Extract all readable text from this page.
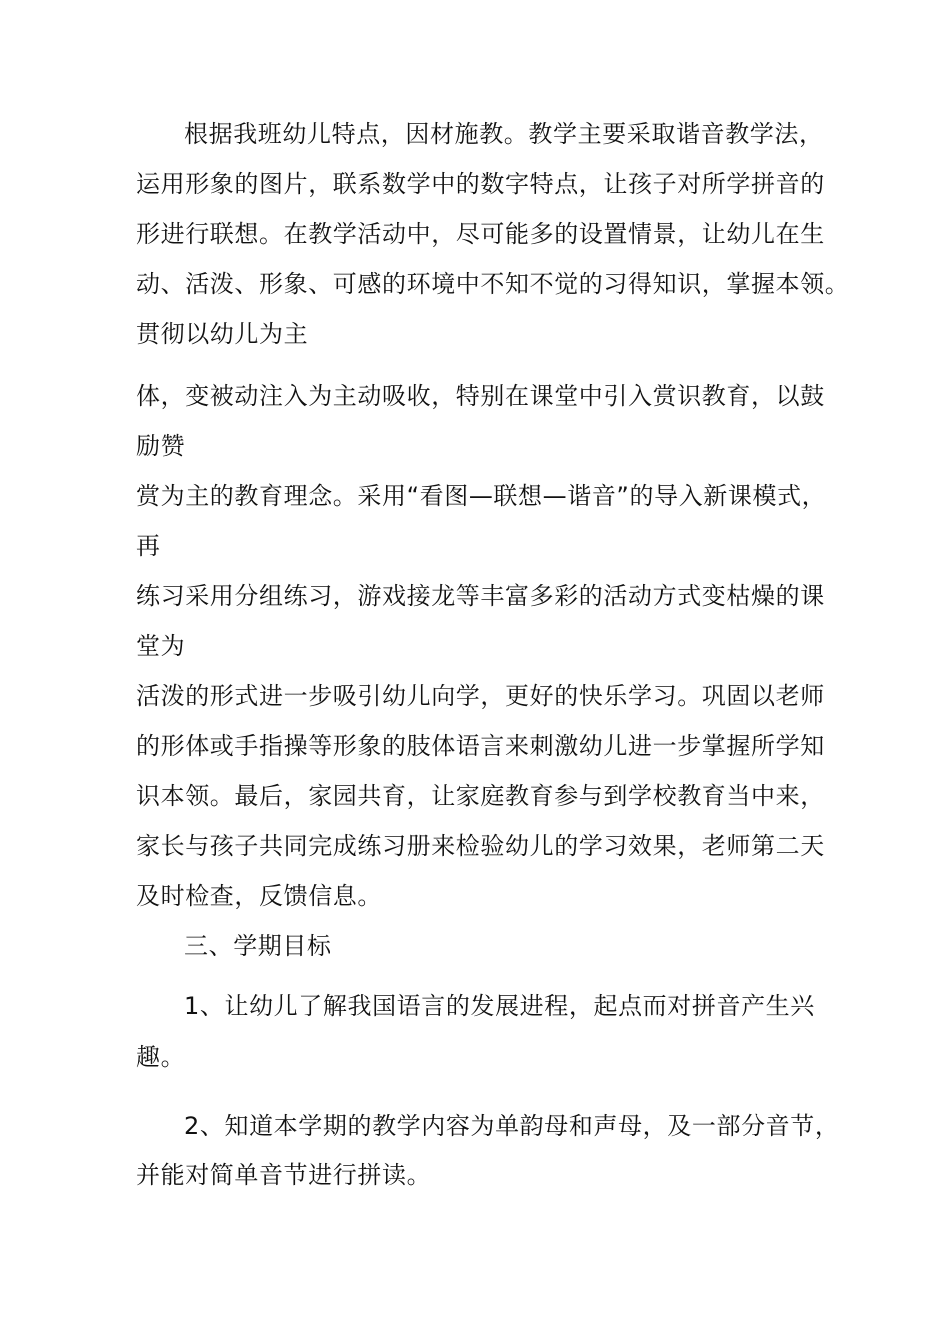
根据我班幼儿特点，因材施教。教学主要采取谐音教学法，
运用形象的图片，联系数学中的数字特点，让孩子对所学拼音的
形进行联想。在教学活动中，尽可能多的设置情景，让幼儿在生
动、活泼、形象、可感的环境中不知不觉的习得知识，掌握本领。
贯彻以幼儿为主
体，变被动注入为主动吸收，特别在课堂中引入赏识教育，以鼓
励赞
赏为主的教育理念。采用“看图—联想—谐音”的导入新课模式，
再
练习采用分组练习，游戏接龙等丰富多彩的活动方式变枯燥的课
堂为
活泼的形式进一步吸引幼儿向学，更好的快乐学习。巩固以老师
的形体或手指操等形象的肢体语言来刺激幼儿进一步掌握所学知
识本领。最后，家园共育，让家庭教育参与到学校教育当中来，
家长与孩子共同完成练习册来检验幼儿的学习效果，老师第二天
及时检查，反馈信息。
三、学期目标
1、让幼儿了解我国语言的发展进程，起点而对拼音产生兴
趣。
2、知道本学期的教学内容为单韵母和声母，及一部分音节，
并能对简单音节进行拼读。
